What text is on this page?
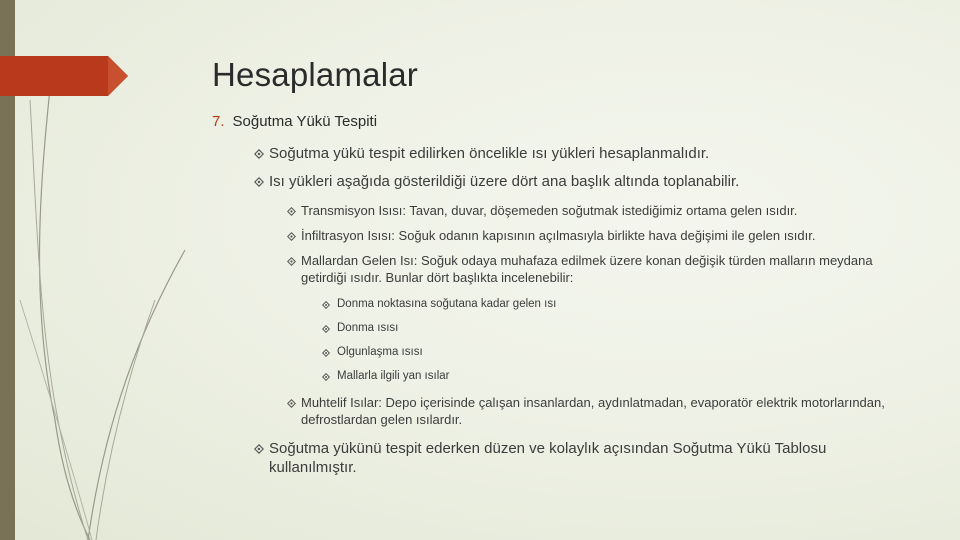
Hesaplamalar
7. Soğutma Yükü Tespiti
Soğutma yükü tespit edilirken öncelikle ısı yükleri hesaplanmalıdır.
Isı yükleri aşağıda gösterildiği üzere dört ana başlık altında toplanabilir.
Transmisyon Isısı: Tavan, duvar, döşemeden soğutmak istediğimiz ortama gelen ısıdır.
İnfiltrasyon Isısı: Soğuk odanın kapısının açılmasıyla birlikte hava değişimi ile gelen ısıdır.
Mallardan Gelen Isı: Soğuk odaya muhafaza edilmek üzere konan değişik türden malların meydana getirdiği ısıdır. Bunlar dört başlıkta incelenebilir:
Donma noktasına soğutana kadar gelen ısı
Donma ısısı
Olgunlaşma ısısı
Mallarla ilgili yan ısılar
Muhtelif Isılar: Depo içerisinde çalışan insanlardan, aydınlatmadan, evaporatör elektrik motorlarından, defrostlardan gelen ısılardır.
Soğutma yükünü tespit ederken düzen ve kolaylık açısından Soğutma Yükü Tablosu kullanılmıştır.
